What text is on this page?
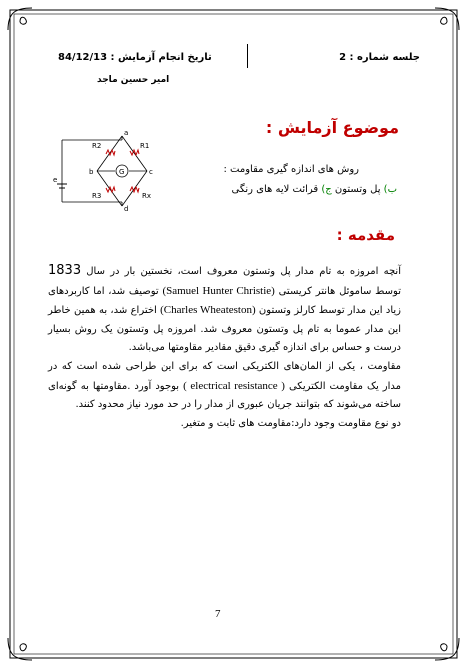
جلسه شماره : 2
تاریخ انجام آزمایش : 84/12/13
امیر حسین ماجد
موضوع آزمایش :
روش های اندازه گیری مقاومت :
ب) پل وتستون ج) قرائت لایه های رنگی
a
b	c
d
e
G
R1
R2
R3	Rx
مقدمه :

آنچه امروزه به تام مدار پل وتستون معروف است، نخستین بار در سال 1833 توسط ساموئل هانتر کریستی (Samuel Hunter Christie) توصیف شد، اما کاربردهای زیاد این مدار توسط کارلز وتستون (Charles Wheateston) اختراع شد، به همین خاطر این مدار عموما به تام پل وتستون معروف شد. امروزه پل وتستون یک روش بسیار درست و حساس برای اندازه گیری دقیق مقادیر مقاومتها می‌باشد.

مقاومت ، یکی از المان‌های الکتریکی است که برای این طراحی شده است که در مدار یک مقاومت الکتریکی ( electrical resistance ) بوجود آورد .مقاومتها به گونه‌ای ساخته می‌شوند که بتوانند جریان عبوری از مدار را در حد مورد نیاز محدود کنند.

دو نوع مقاومت وجود دارد:مقاومت های ثابت و متغیر.

7
